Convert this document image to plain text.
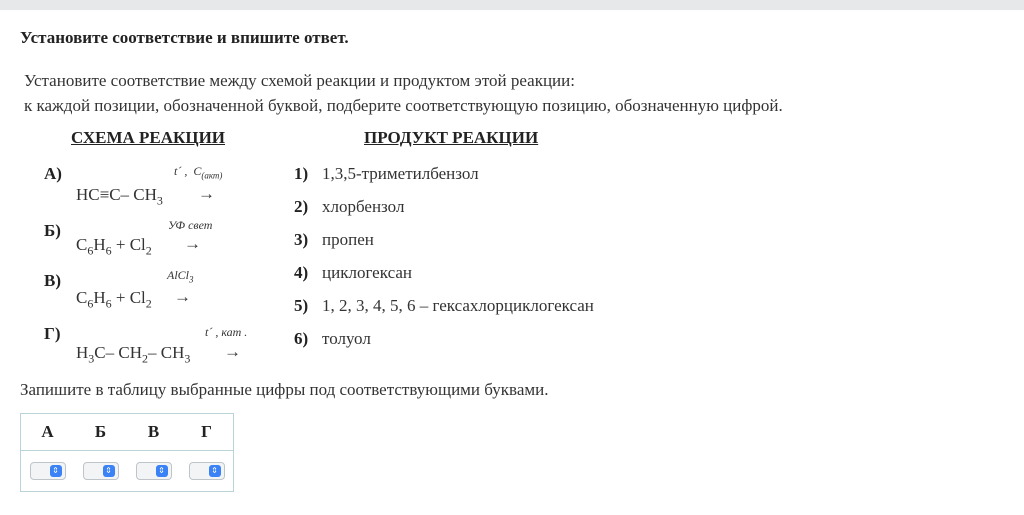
Установите соответствие и впишите ответ.
Установите соответствие между схемой реакции и продуктом этой реакции:
к каждой позиции, обозначенной буквой, подберите соответствующую позицию, обозначенную цифрой.
СХЕМА РЕАКЦИИ	ПРОДУКТ РЕАКЦИИ
А)	t´ ,  $C_{(акт)}$
HC≡C– $CH_3$ →
Б)	УФ свет
$C_6H_6 + Cl_2$ →
В)	AlCl$_3$
$C_6H_6 + Cl_2$ →
Г)	t´ , кат .
$H_3C-$ $CH_2-$ $CH_3$ →
1) 1,3,5-триметилбензол
2) хлорбензол
3) пропен
4) циклогексан
5) 1, 2, 3, 4, 5, 6 – гексахлорциклогексан
6) толуол
Запишите в таблицу выбранные цифры под соответствующими буквами.
А	Б	В	Г

⇕	⇕	⇕	⇕
